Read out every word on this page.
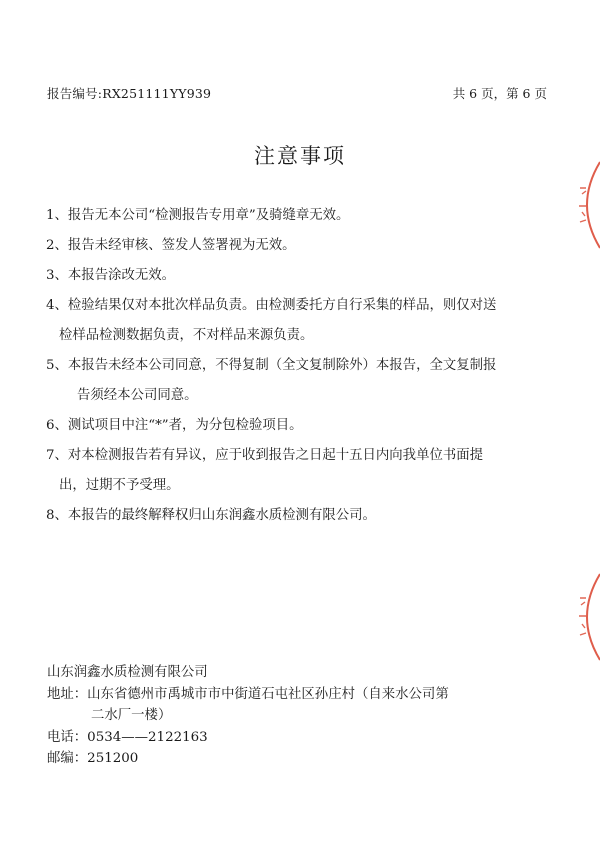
报告编号:RX251111YY939	共 6 页，第 6 页
注意事项

1、报告无本公司“检测报告专用章”及骑缝章无效。

2、报告未经审核、签发人签署视为无效。

3、本报告涂改无效。

4、检验结果仅对本批次样品负责。由检测委托方自行采集的样品，则仅对送
检样品检测数据负责，不对样品来源负责。

5、本报告未经本公司同意，不得复制（全文复制除外）本报告，全文复制报
告须经本公司同意。

6、测试项目中注“*”者，为分包检验项目。

7、对本检测报告若有异议，应于收到报告之日起十五日内向我单位书面提
出，过期不予受理。

8、本报告的最终解释权归山东润鑫水质检测有限公司。

山东润鑫水质检测有限公司
地址：山东省德州市禹城市市中街道石屯社区孙庄村（自来水公司第
二水厂一楼）
电话：0534——2122163
邮编：251200
